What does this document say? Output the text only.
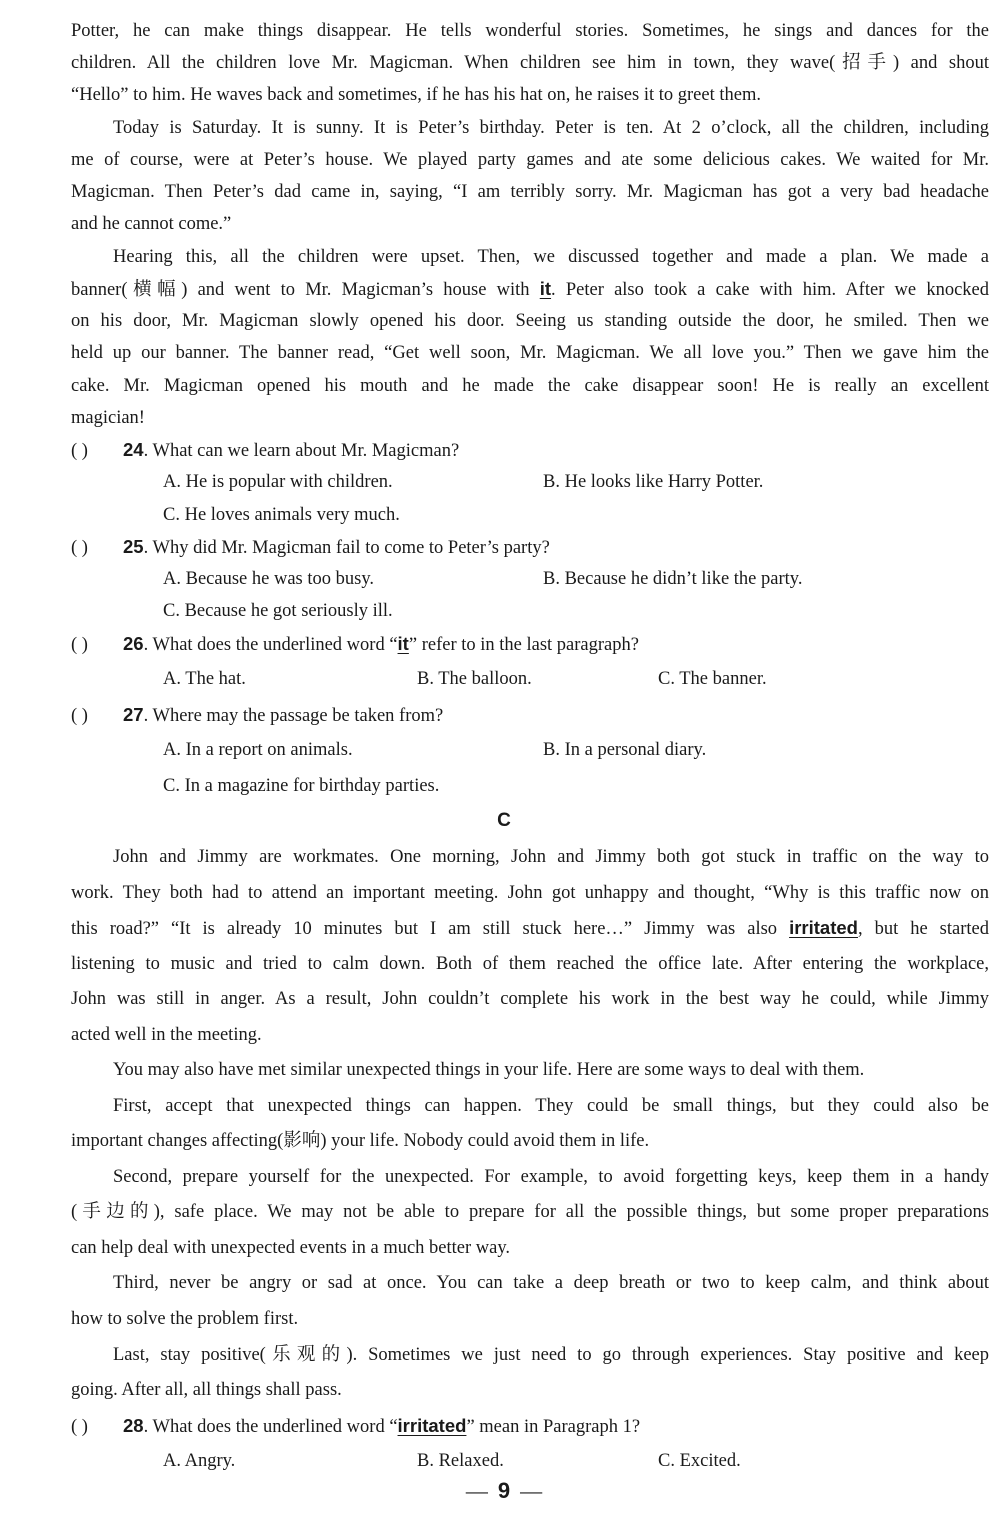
Potter, he can make things disappear. He tells wonderful stories. Sometimes, he sings and dances for the
children. All the children love Mr. Magicman. When children see him in town, they wave(招手) and shout
“Hello” to him. He waves back and sometimes, if he has his hat on, he raises it to greet them.
Today is Saturday. It is sunny. It is Peter’s birthday. Peter is ten. At 2 o’clock, all the children, including
me of course, were at Peter’s house. We played party games and ate some delicious cakes. We waited for Mr.
Magicman. Then Peter’s dad came in, saying, “I am terribly sorry. Mr. Magicman has got a very bad headache
and he cannot come.”
Hearing this, all the children were upset. Then, we discussed together and made a plan. We made a
banner(横幅) and went to Mr. Magicman’s house with it. Peter also took a cake with him. After we knocked
on his door, Mr. Magicman slowly opened his door. Seeing us standing outside the door, he smiled. Then we
held up our banner. The banner read, “Get well soon, Mr. Magicman. We all love you.” Then we gave him the
cake. Mr. Magicman opened his mouth and he made the cake disappear soon! He is really an excellent
magician!
( ) 24. What can we learn about Mr. Magicman?
A. He is popular with children.	B. He looks like Harry Potter.
C. He loves animals very much.
( ) 25. Why did Mr. Magicman fail to come to Peter’s party?
A. Because he was too busy.	B. Because he didn’t like the party.
C. Because he got seriously ill.
( ) 26. What does the underlined word “it” refer to in the last paragraph?
A. The hat.	B. The balloon.	C. The banner.
( ) 27. Where may the passage be taken from?
A. In a report on animals.	B. In a personal diary.
C. In a magazine for birthday parties.
C
John and Jimmy are workmates. One morning, John and Jimmy both got stuck in traffic on the way to
work. They both had to attend an important meeting. John got unhappy and thought, “Why is this traffic now on
this road?” “It is already 10 minutes but I am still stuck here…” Jimmy was also irritated, but he started
listening to music and tried to calm down. Both of them reached the office late. After entering the workplace,
John was still in anger. As a result, John couldn’t complete his work in the best way he could, while Jimmy
acted well in the meeting.
You may also have met similar unexpected things in your life. Here are some ways to deal with them.
First, accept that unexpected things can happen. They could be small things, but they could also be
important changes affecting(影响) your life. Nobody could avoid them in life.
Second, prepare yourself for the unexpected. For example, to avoid forgetting keys, keep them in a handy
(手边的), safe place. We may not be able to prepare for all the possible things, but some proper preparations
can help deal with unexpected events in a much better way.
Third, never be angry or sad at once. You can take a deep breath or two to keep calm, and think about
how to solve the problem first.
Last, stay positive(乐观的). Sometimes we just need to go through experiences. Stay positive and keep
going. After all, all things shall pass.
( ) 28. What does the underlined word “irritated” mean in Paragraph 1?
A. Angry.	B. Relaxed.	C. Excited.
— 9 —
